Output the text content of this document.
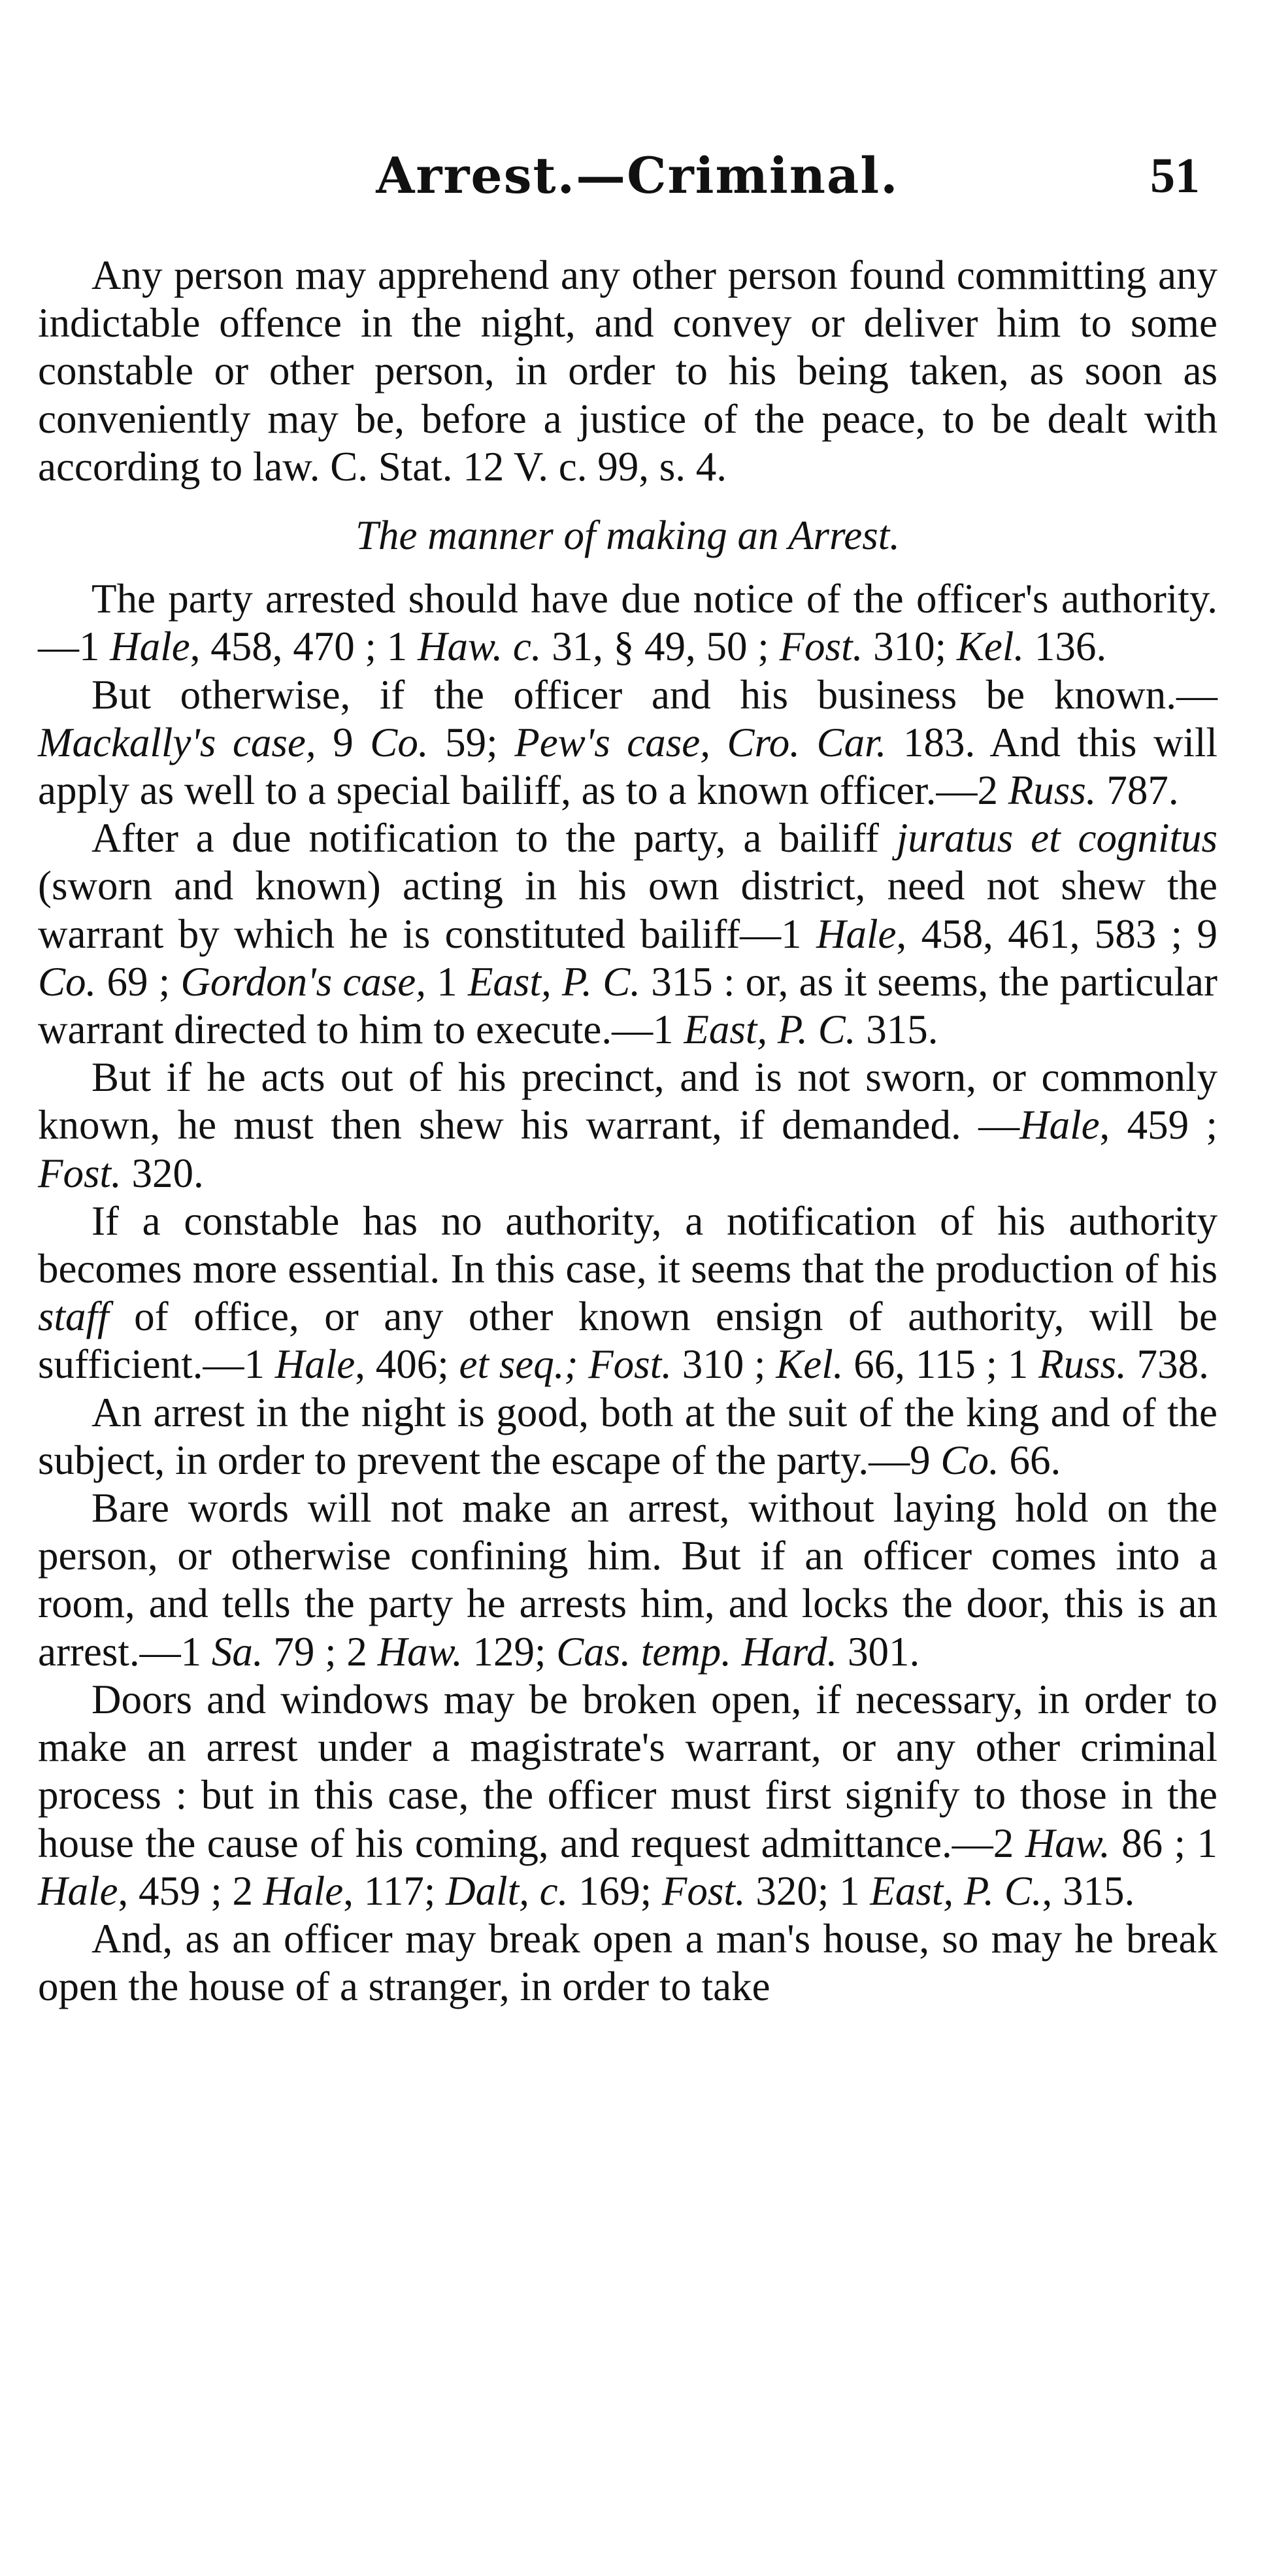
Arrest.—Criminal.	51

Any person may apprehend any other person found committing any indictable offence in the night, and convey or deliver him to some constable or other person, in order to his being taken, as soon as conveniently may be, before a justice of the peace, to be dealt with according to law. C. Stat. 12 V. c. 99, s. 4.

The manner of making an Arrest.

The party arrested should have due notice of the officer's authority.—1 Hale, 458, 470 ; 1 Haw. c. 31, § 49, 50 ; Fost. 310; Kel. 136.

But otherwise, if the officer and his business be known.—Mackally's case, 9 Co. 59; Pew's case, Cro. Car. 183. And this will apply as well to a special bailiff, as to a known officer.—2 Russ. 787.

After a due notification to the party, a bailiff juratus et cognitus (sworn and known) acting in his own district, need not shew the warrant by which he is constituted bailiff—1 Hale, 458, 461, 583 ; 9 Co. 69 ; Gordon's case, 1 East, P. C. 315 : or, as it seems, the particular warrant directed to him to execute.—1 East, P. C. 315.

But if he acts out of his precinct, and is not sworn, or commonly known, he must then shew his warrant, if demanded. —Hale, 459 ; Fost. 320.

If a constable has no authority, a notification of his authority becomes more essential. In this case, it seems that the production of his staff of office, or any other known ensign of authority, will be sufficient.—1 Hale, 406; et seq.; Fost. 310 ; Kel. 66, 115 ; 1 Russ. 738.

An arrest in the night is good, both at the suit of the king and of the subject, in order to prevent the escape of the party.—9 Co. 66.

Bare words will not make an arrest, without laying hold on the person, or otherwise confining him. But if an officer comes into a room, and tells the party he arrests him, and locks the door, this is an arrest.—1 Sa. 79 ; 2 Haw. 129; Cas. temp. Hard. 301.

Doors and windows may be broken open, if necessary, in order to make an arrest under a magistrate's warrant, or any other criminal process : but in this case, the officer must first signify to those in the house the cause of his coming, and request admittance.—2 Haw. 86 ; 1 Hale, 459 ; 2 Hale, 117; Dalt, c. 169; Fost. 320; 1 East, P. C., 315.

And, as an officer may break open a man's house, so may he break open the house of a stranger, in order to take
